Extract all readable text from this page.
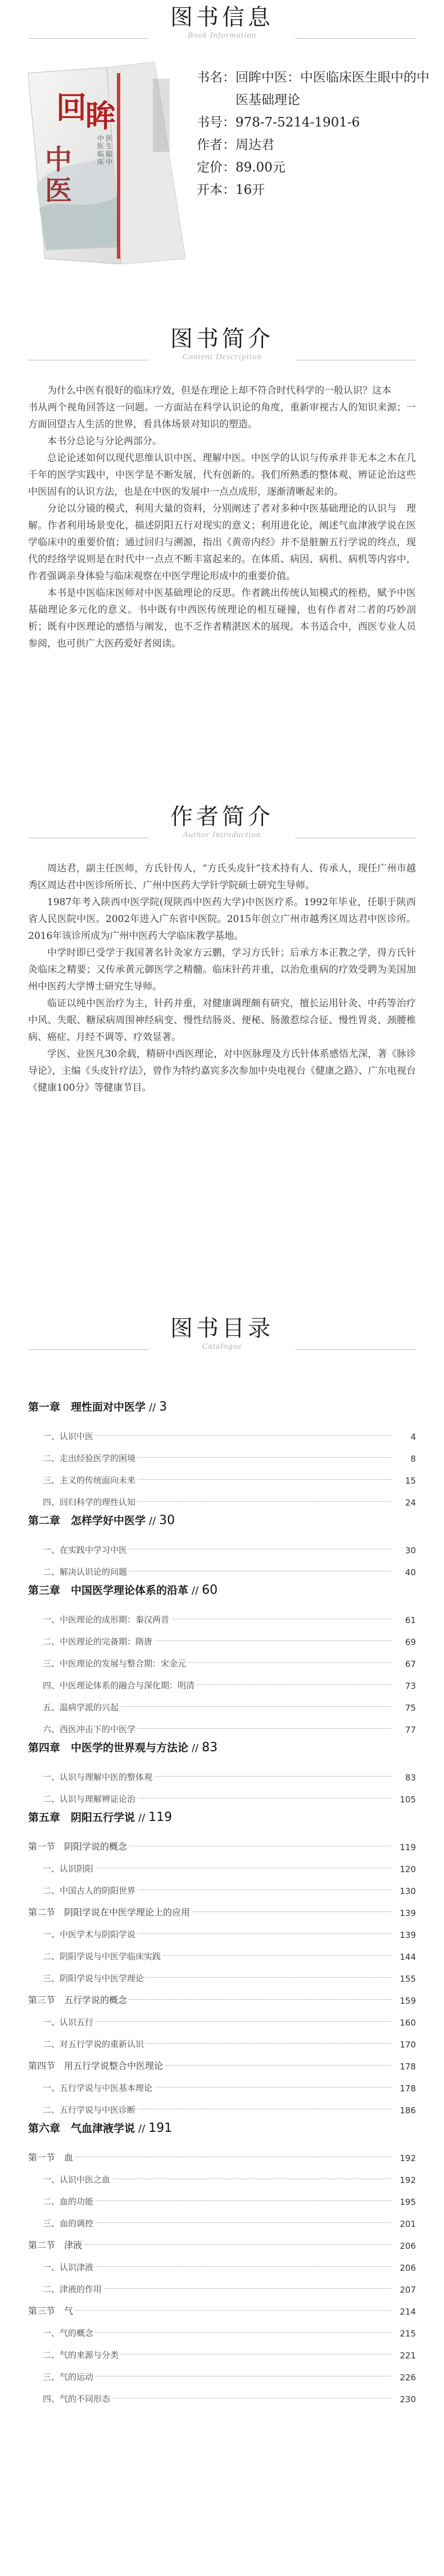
图书信息
Book Information
回
眸
中
医
中
医
临
床
医
生
眼
中
书名： 回眸中医：中医临床医生眼中的中医基础理论
书号： 978-7-5214-1901-6
作者： 周达君
定价： 89.00元
开本： 16开
图书简介
Content Description

为什么中医有很好的临床疗效，但是在理论上却不符合时代科学的一般认识？这本

书从两个视角回答这一问题。一方面站在科学认识论的角度，重新审视古人的知识来源；一方面回望古人生活的世界，看具体场景对知识的塑造。

本书分总论与分论两部分。

总论论述如何以现代思维认识中医、理解中医。中医学的认识与传承并非无本之木在几千年的医学实践中，中医学是不断发展，代有创新的。我们所熟悉的整体观、辨证论治这些中医固有的认识方法，也是在中医的发展中一点点成形，逐渐清晰起来的。

分论以分镜的模式，利用大量的资料，分别阐述了者对多种中医基础理论的认识与　理解。作者利用场景变化，描述阴阳五行对现实的意义；利用进化论，阐述气血津液学说在医学临床中的重要价值；通过回归与溯源，指出《黄帝内经》并不是脏腑五行学说的终点，现代的经络学说则是在时代中一点点不断丰富起来的。在体质、病因、病机、病机等内容中，作者强调亲身体验与临床观察在中医学理论形成中的重要价值。

本书是中医临床医师对中医基础理论的反思。作者跳出传统认知模式的桎梏，赋予中医基础理论多元化的意义。书中既有中西医传统理论的相互碰撞，也有作者对二者的巧妙剖析；既有中医理论的感悟与阐发，也不乏作者精湛医术的展现。本书适合中，西医专业人员参阅，也可供广大医药爱好者阅读。

作者简介
Author Introduction

周达君，副主任医师，方氏针传人，“方氏头皮针”技术持有人、传承人，现任广州市越秀区周达君中医诊所所长、广州中医药大学针学院硕士研究生导师。

1987年考入陕西中医学院(现陕西中医药大学)中医医疗系。1992年毕业，任职于陕西省人民医院中医。2002年进入广东省中医院。2015年创立广州市越秀区周达君中医诊所。2016年该诊所成为广州中医药大学临床教学基地。

中学时即已受学于我国著名针灸家方云鹏，学习方氏针；后承方本正教之学，得方氏针灸临床之精要；又传承黄元御医学之精髓。临床针药并重，以治危重病的疗效受聘为美国加州中医药大学博士研究生导师。

临证以纯中医治疗为主，针药并重，对健康调理颇有研究，擅长运用针灸、中药等治疗中风、失眠、糖尿病周围神经病变、慢性结肠炎、便秘、肠激惹综合征、慢性胃炎、颈腰椎病、癌症、月经不调等、疗效显著。

学医、业医凡30余载，精研中西医理论，对中医脉理及方氏针体系感悟尤深，著《脉诊导论》，主编《头皮针疗法》，曾作为特约嘉宾多次参加中央电视台《健康之路》、广东电视台《健康100分》等健康节目。

图书目录
Catalogue
第一章　理性面对中医学 // 3
一、认识中医	4
二、走出经验医学的困境	8
三、主义的传统面向未来	15
四、回归科学的理性认知	24
第二章　怎样学好中医学 // 30
一、在实践中学习中医	30
二、解决认识论的问题	40
第三章　中国医学理论体系的沿革 // 60
一、中医理论的成形期：秦汉两晋	61
二、中医理论的完备期：隋唐	69
三、中医理论的发展与整合期：宋金元	67
四、中医理论体系的融合与深化期：明清	73
五、温病学派的兴起	75
六、西医冲击下的中医学	77
第四章　中医学的世界观与方法论 // 83
一、认识与理解中医的整体观	83
二、认识与理解辨证论治	105
第五章　阴阳五行学说 // 119
第一节　阴阳学说的概念	119
一、认识阴阳	120
二、中国古人的阴阳世界	130
第二节　阴阳学说在中医学理论上的应用	139
一、中医学术与阴阳学说	139
二、阴阳学说与中医学临床实践	144
三、阴阳学说与中医学理论	155
第三节　五行学说的概念	159
一、认识五行	160
二、对五行学说的重新认识	170
第四节　用五行学说整合中医理论	178
一、五行学说与中医基本理论	178
二、五行学说与中医诊断	186
第六章　气血津液学说 // 191
第一节　血	192
一、认识中医之血	192
二、血的功能	195
三、血的调控	201
第二节　津液	206
一、认识津液	206
二、津液的作用	207
第三节　气	214
一、气的概念	215
二、气的来源与分类	221
三、气的运动	226
四、气的不同形态	230
